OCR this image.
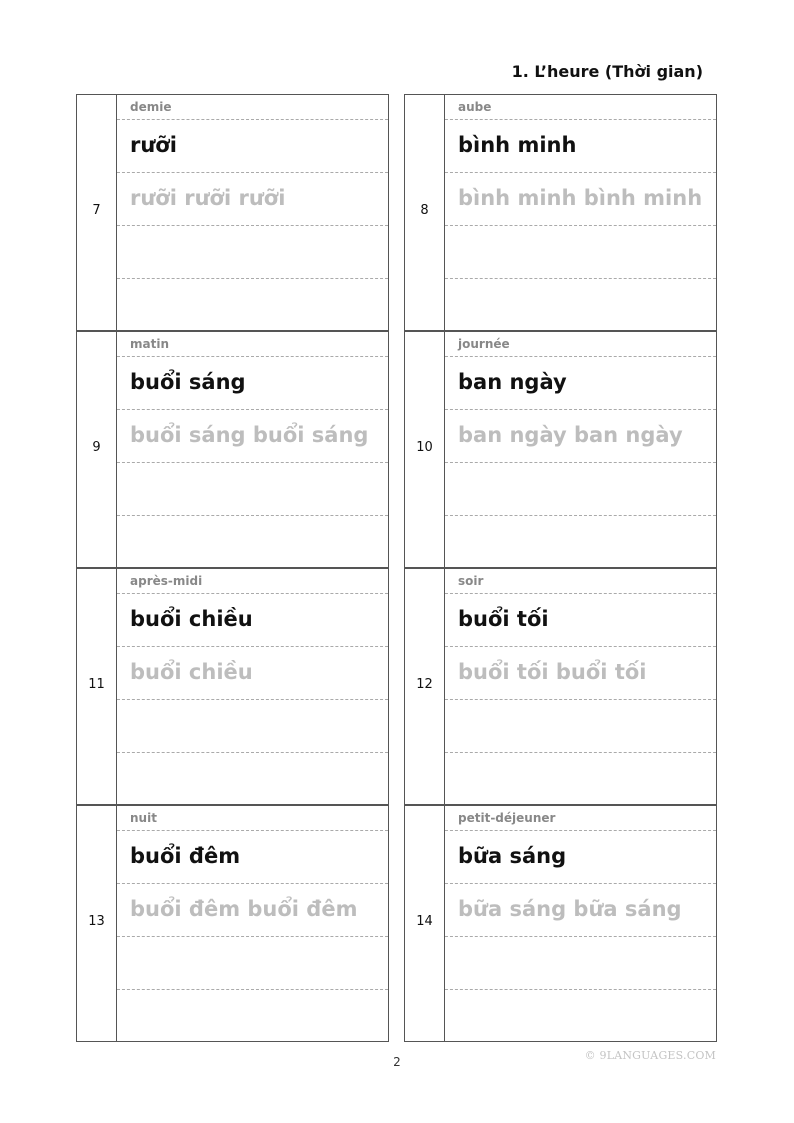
1. L’heure (Thời gian)
7
demie
rưỡi
rưỡi rưỡi rưỡi
8
aube
bình minh
bình minh bình minh
9
matin
buổi sáng
buổi sáng buổi sáng
10
journée
ban ngày
ban ngày ban ngày
11
après-midi
buổi chiều
buổi chiều
12
soir
buổi tối
buổi tối buổi tối
13
nuit
buổi đêm
buổi đêm buổi đêm
14
petit-déjeuner
bữa sáng
bữa sáng bữa sáng
2	© 9LANGUAGES.COM
